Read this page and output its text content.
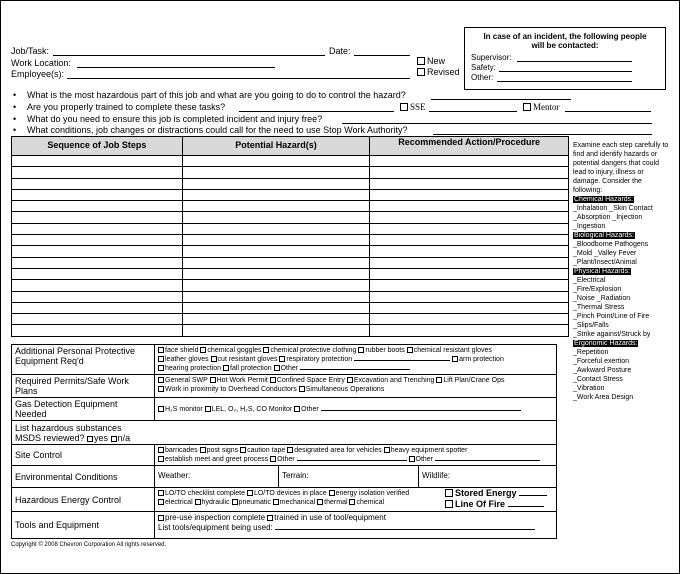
Job/Task:	Date:
Work Location:
Employee(s):
New
Revised
In case of an incident, the following people
will be contacted:
Supervisor:
Safety:
Other:
• What is the most hazardous part of this job and what are you going to do to control the hazard?
• Are you properly trained to complete these tasks?	SSE	Mentor
• What do you need to ensure this job is completed incident and injury free?
• What conditions, job changes or distractions could call for the need to use Stop Work Authority?
Sequence of Job Steps	Potential Hazard(s)	Recommended Action/Procedure

			Examine each step carefully to find and identify hazards or potential dangers that could lead to injury, illness or damage. Consider the following:
Chemical Hazards:
_Inhalation _Skin Contact
_Absorption _Injection
_Ingestion
Biological Hazards:
_Bloodborne Pathogens
_Mold _Valley Fever
_Plant/Insect/Animal
Physical Hazards:
_Electrical
_Fire/Explosion
_Noise _Radiation
_Thermal Stress
_Pinch Point/Line of Fire
_Slips/Falls
_Strike against/Struck by
Ergonomic Hazards:
_Repetition
_Forceful exertion
_Awkward Posture
_Contact Stress
_Vibration
_Work Area Design
Additional Personal Protective Equipment Req'd	face shield chemical goggles chemical protective clothing rubber boots chemical resistant gloves
leather gloves cut resistant gloves respiratory protection arm protection
hearing protection fall protection Other

Required Permits/Safe Work Plans	General SWP Hot Work Permit Confined Space Entry Excavation and Trenching Lift Plan/Crane Ops
Work in proximity to Overhead Conductors Simultaneous Operations

Gas Detection Equipment Needed	H₂S monitor LEL, O₂, H₂S, CO Monitor Other

List hazardous substances
MSDS reviewed? yes n/a	

Site Control	barricades post signs caution tape designated area for vehicles heavy equipment spotter
establish meet and greet process Other Other

Environmental Conditions	Weather: Terrain: Wildlife:

Hazardous Energy Control	LO/TO checklist complete LO/TO devices in place energy isolation verified
electrical hydraulic pneumatic mechanical thermal chemical
Stored Energy
Line Of Fire

Tools and Equipment	pre-use inspection complete trained in use of tool/equipment
List tools/equipment being used:
Copyright © 2008 Chevron Corporation All rights reserved.
